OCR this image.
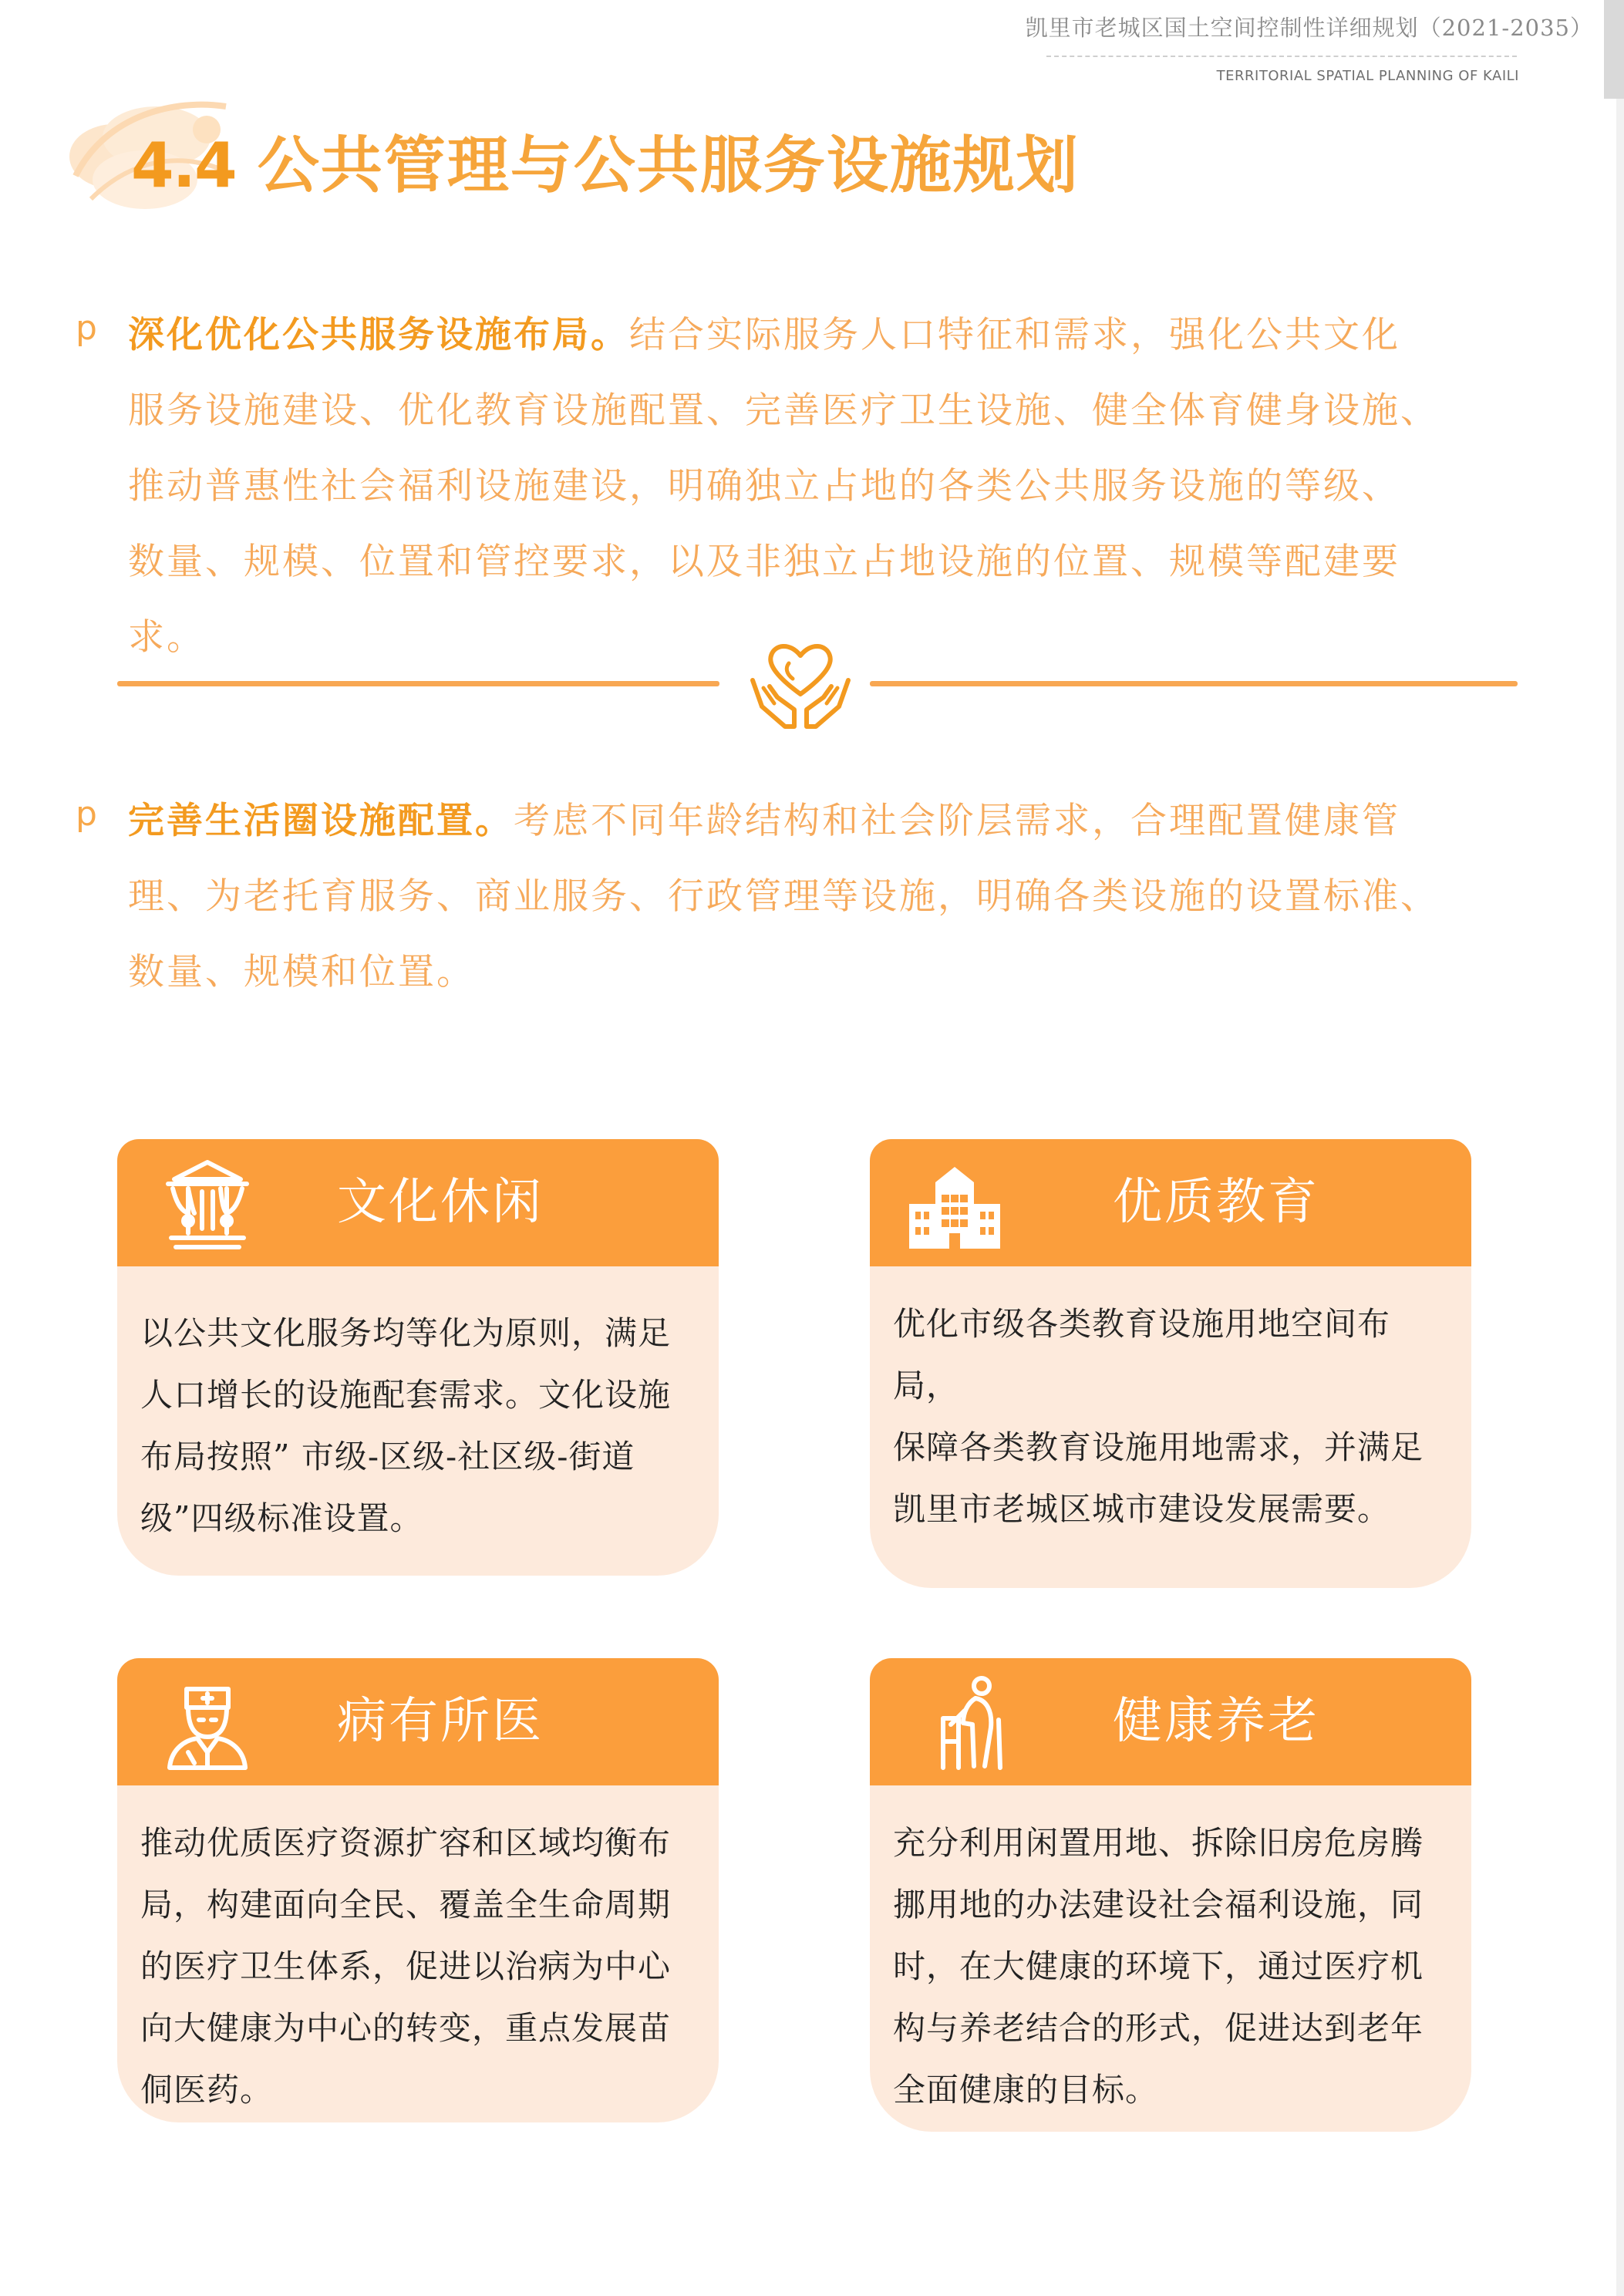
凯里市老城区国土空间控制性详细规划（2021-2035）
TERRITORIAL SPATIAL PLANNING OF KAILI
4.4 公共管理与公共服务设施规划
p 深化优化公共服务设施布局。结合实际服务人口特征和需求，强化公共文化
服务设施建设、优化教育设施配置、完善医疗卫生设施、健全体育健身设施、
推动普惠性社会福利设施建设，明确独立占地的各类公共服务设施的等级、
数量、规模、位置和管控要求，以及非独立占地设施的位置、规模等配建要
求。
p 完善生活圈设施配置。考虑不同年龄结构和社会阶层需求，合理配置健康管
理、为老托育服务、商业服务、行政管理等设施，明确各类设施的设置标准、
数量、规模和位置。
文化休闲
以公共文化服务均等化为原则，满足
人口增长的设施配套需求。文化设施
布局按照” 市级-区级-社区级-街道
级”四级标准设置。
优质教育
优化市级各类教育设施用地空间布局，
保障各类教育设施用地需求，并满足
凯里市老城区城市建设发展需要。
病有所医
推动优质医疗资源扩容和区域均衡布
局，构建面向全民、覆盖全生命周期
的医疗卫生体系，促进以治病为中心
向大健康为中心的转变，重点发展苗
侗医药。
健康养老
充分利用闲置用地、拆除旧房危房腾
挪用地的办法建设社会福利设施，同
时，在大健康的环境下，通过医疗机
构与养老结合的形式，促进达到老年
全面健康的目标。
